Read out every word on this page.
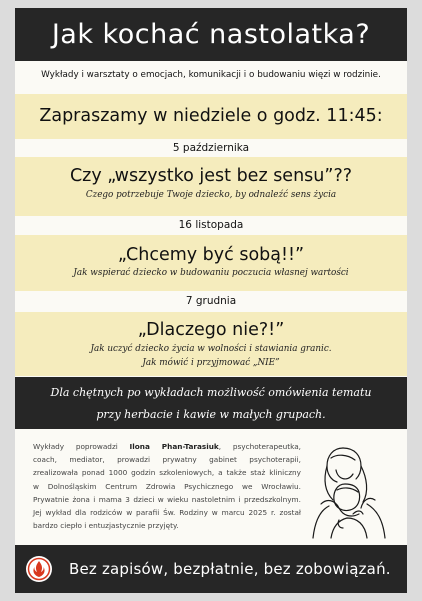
Jak kochać nastolatka?
Wykłady i warsztaty o emocjach, komunikacji i o budowaniu więzi w rodzinie.
Zapraszamy w niedziele o godz. 11:45:
5 października
Czy „wszystko jest bez sensu”??
Czego potrzebuje Twoje dziecko, by odnaleźć sens życia
16 listopada
„Chcemy być sobą!!”
Jak wspierać dziecko w budowaniu poczucia własnej wartości
7 grudnia
„Dlaczego nie?!”
Jak uczyć dziecko życia w wolności i stawiania granic.
Jak mówić i przyjmować „NIE”
Dla chętnych po wykładach możliwość omówienia tematu
przy herbacie i kawie w małych grupach.
Wykłady poprowadzi Ilona Phan-Tarasiuk, psychoterapeutka,
coach, mediator, prowadzi prywatny gabinet psychoterapii,
zrealizowała ponad 1000 godzin szkoleniowych, a także staż kliniczny
w Dolnośląskim Centrum Zdrowia Psychicznego we Wrocławiu.
Prywatnie żona i mama 3 dzieci w wieku nastoletnim i przedszkolnym.
Jej wykład dla rodziców w parafii Św. Rodziny w marcu 2025 r. został
bardzo ciepło i entuzjastycznie przyjęty.
Bez zapisów, bezpłatnie, bez zobowiązań.
